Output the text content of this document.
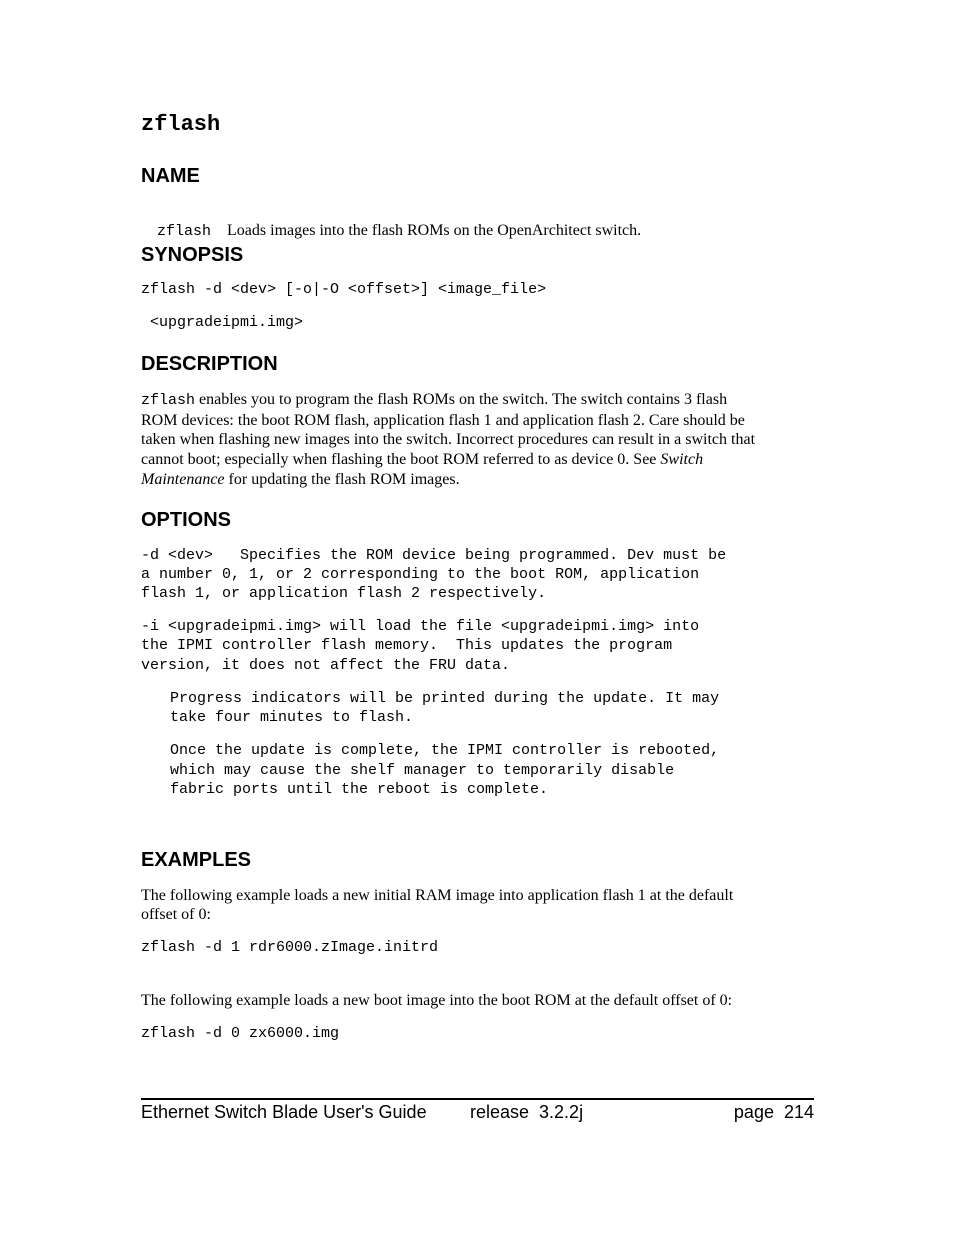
zflash
NAME

zflash Loads images into the flash ROMs on the OpenArchitect switch.

SYNOPSIS
zflash -d <dev> [-o|-O <offset>] <image_file>
<upgradeipmi.img>
DESCRIPTION
zflash enables you to program the flash ROMs on the switch. The switch contains 3 flash
ROM devices: the boot ROM flash, application flash 1 and application flash 2. Care should be
taken when flashing new images into the switch. Incorrect procedures can result in a switch that
cannot boot; especially when flashing the boot ROM referred to as device 0. See Switch
Maintenance for updating the flash ROM images.
OPTIONS
-d <dev>   Specifies the ROM device being programmed. Dev must be
a number 0, 1, or 2 corresponding to the boot ROM, application
flash 1, or application flash 2 respectively.
-i <upgradeipmi.img> will load the file <upgradeipmi.img> into
the IPMI controller flash memory.  This updates the program
version, it does not affect the FRU data.
Progress indicators will be printed during the update. It may
take four minutes to flash.
Once the update is complete, the IPMI controller is rebooted,
which may cause the shelf manager to temporarily disable
fabric ports until the reboot is complete.
EXAMPLES
The following example loads a new initial RAM image into application flash 1 at the default
offset of 0:
zflash -d 1 rdr6000.zImage.initrd
The following example loads a new boot image into the boot ROM at the default offset of 0:
zflash -d 0 zx6000.img
Ethernet Switch Blade User's Guide release  3.2.2j	page  214
